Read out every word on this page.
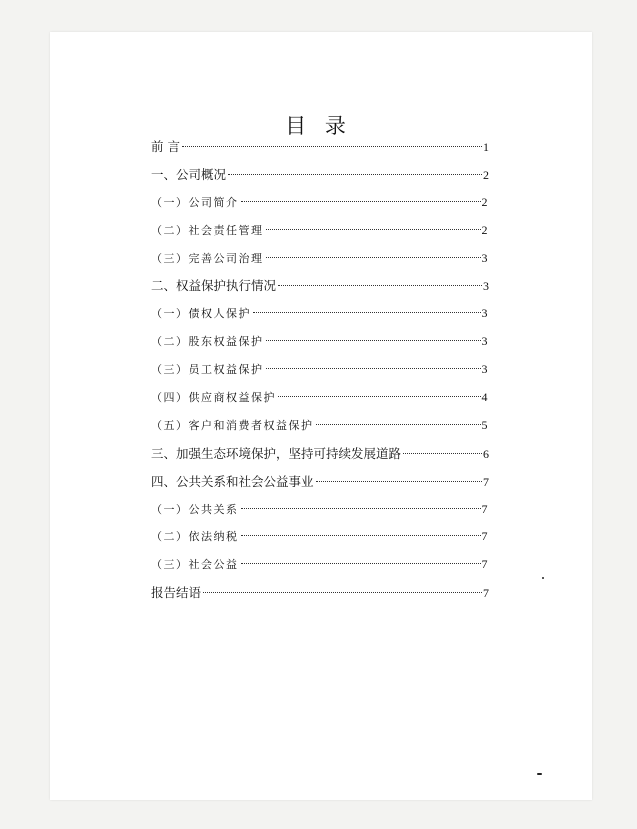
目 录
前 言	1
一、公司概况	2
（一）公司简介	2
（二）社会责任管理	2
（三）完善公司治理	3
二、权益保护执行情况	3
（一）债权人保护	3
（二）股东权益保护	3
（三）员工权益保护	3
（四）供应商权益保护	4
（五）客户和消费者权益保护	5
三、加强生态环境保护，坚持可持续发展道路	6
四、公共关系和社会公益事业	7
（一）公共关系	7
（二）依法纳税	7
（三）社会公益	7
报告结语	7
